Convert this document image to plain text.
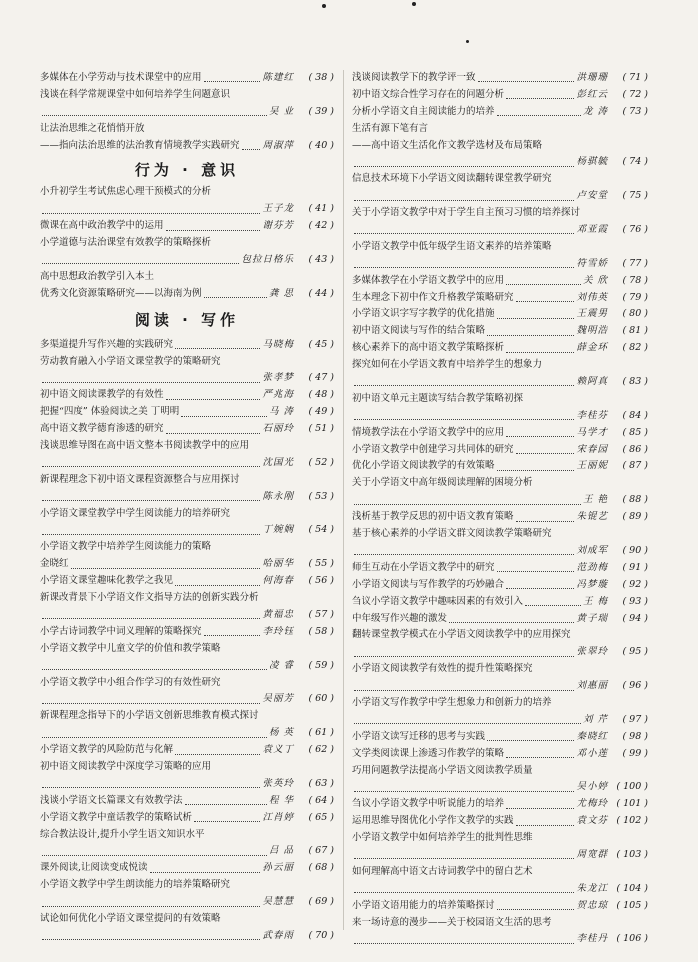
多媒体在小学劳动与技术课堂中的应用	陈建红	( 38 )
浅谈在科学常规课堂中如何培养学生问题意识
吴 业	( 39 )
让法治思维之花悄悄开放
——指向法治思维的法治教育情境教学实践研究 周淑萍	( 40 )
行为 · 意识
小升初学生考试焦虑心理干预模式的分析
王子龙	( 41 )
微课在高中政治教学中的运用	谢芬芳	( 42 )
小学道德与法治课堂有效教学的策略探析
包拉日格乐	( 43 )
高中思想政治教学引入本土
优秀文化资源策略研究——以海南为例	龚 思	( 44 )
阅读 · 写作
多渠道提升写作兴趣的实践研究	马晓梅	( 45 )
劳动教育融入小学语文课堂教学的策略研究
张孝梦	( 47 )
初中语文阅读课教学的有效性	严兆海	( 48 )
把握“四度” 体验阅读之美 丁明明	马 涛	( 49 )
高中语文教学德育渗透的研究	石丽玲	( 51 )
浅谈思维导图在高中语文整本书阅读教学中的应用
沈国光	( 52 )
新课程理念下初中语文课程资源整合与应用探讨
陈永刚	( 53 )
小学语文课堂教学中学生阅读能力的培养研究
丁婉娴	( 54 )
小学语文教学中培养学生阅读能力的策略
金晓红	哈丽华	( 55 )
小学语文课堂趣味化教学之我见	何海春	( 56 )
新课改背景下小学语文作文指导方法的创新实践分析
黄福忠	( 57 )
小学古诗词教学中词义理解的策略探究	李玲钰	( 58 )
小学语文教学中儿童文学的价值和教学策略
凌 睿	( 59 )
小学语文教学中小组合作学习的有效性研究
吴丽芳	( 60 )
新课程理念指导下的小学语文创新思维教育模式探讨
杨 英	( 61 )
小学语文教学的风险防范与化解	袁义丁	( 62 )
初中语文阅读教学中深度学习策略的应用
张英玲	( 63 )
浅谈小学语文长篇课文有效教学法	程 华	( 64 )
小学语文教学中童话教学的策略试析	江肖婷	( 65 )
综合教法设计,提升小学生语文知识水平
吕 品	( 67 )
课外阅读,让阅读变成悦读	孙云丽	( 68 )
小学语文教学中学生朗读能力的培养策略研究
吴慧慧	( 69 )
试论如何优化小学语文课堂提问的有效策略
武春雨	( 70 )
浅谈阅读教学下的教学评一致	洪珊珊	( 71 )
初中语文综合性学习存在的问题分析	彭红云	( 72 )
分析小学语文自主阅读能力的培养	龙 涛	( 73 )
生活有源下笔有言
——高中语文生活化作文教学选材及布局策略
杨骐毓	( 74 )
信息技术环境下小学语文阅读翻转课堂教学研究
卢安堂	( 75 )
关于小学语文教学中对于学生自主预习习惯的培养探讨
邓亚霞	( 76 )
小学语文教学中低年级学生语文素养的培养策略
符雪娇	( 77 )
多媒体教学在小学语文教学中的应用	关 欣	( 78 )
生本理念下初中作文升格教学策略研究	刘伟英	( 79 )
小学语文识字写字教学的优化措施	王震男	( 80 )
初中语文阅读与写作的结合策略	魏明浩	( 81 )
核心素养下的高中语文教学策略探析	薛金环	( 82 )
探究如何在小学语文教育中培养学生的想象力
赖阿真	( 83 )
初中语文单元主题读写结合教学策略初探
李桂芬	( 84 )
情境教学法在小学语文教学中的应用	马学才	( 85 )
小学语文教学中创建学习共同体的研究	宋春园	( 86 )
优化小学语文阅读教学的有效策略	王丽妮	( 87 )
关于小学语文中高年级阅读理解的困境分析
王 艳	( 88 )
浅析基于教学反思的初中语文教育策略	朱锟艺	( 89 )
基于核心素养的小学语文群文阅读教学策略研究
刘成军	( 90 )
师生互动在小学语文教学中的研究	范劲梅	( 91 )
小学语文阅读与写作教学的巧妙融合	冯梦璇	( 92 )
刍议小学语文教学中趣味因素的有效引入	王 梅	( 93 )
中年级写作兴趣的激发	黄子瑞	( 94 )
翻转课堂教学模式在小学语文阅读教学中的应用探究
张翠玲	( 95 )
小学语文阅读教学有效性的提升性策略探究
刘惠丽	( 96 )
小学语文写作教学中学生想象力和创新力的培养
刘 芹	( 97 )
小学语文读写迁移的思考与实践	秦晓红	( 98 )
文学类阅读课上渗透习作教学的策略	邓小莲	( 99 )
巧用问题教学法提高小学语文阅读教学质量
吴小婷 ( 100 )
刍议小学语文教学中听说能力的培养	尤梅玲 ( 101 )
运用思维导图优化小学作文教学的实践	袁文芬 ( 102 )
小学语文教学中如何培养学生的批判性思维
周宽群 ( 103 )
如何理解高中语文古诗词教学中的留白艺术
朱龙江 ( 104 )
小学语文语用能力的培养策略探讨	贺忠琼 ( 105 )
来一场诗意的漫步——关于校园语文生活的思考
李桂丹 ( 106 )
